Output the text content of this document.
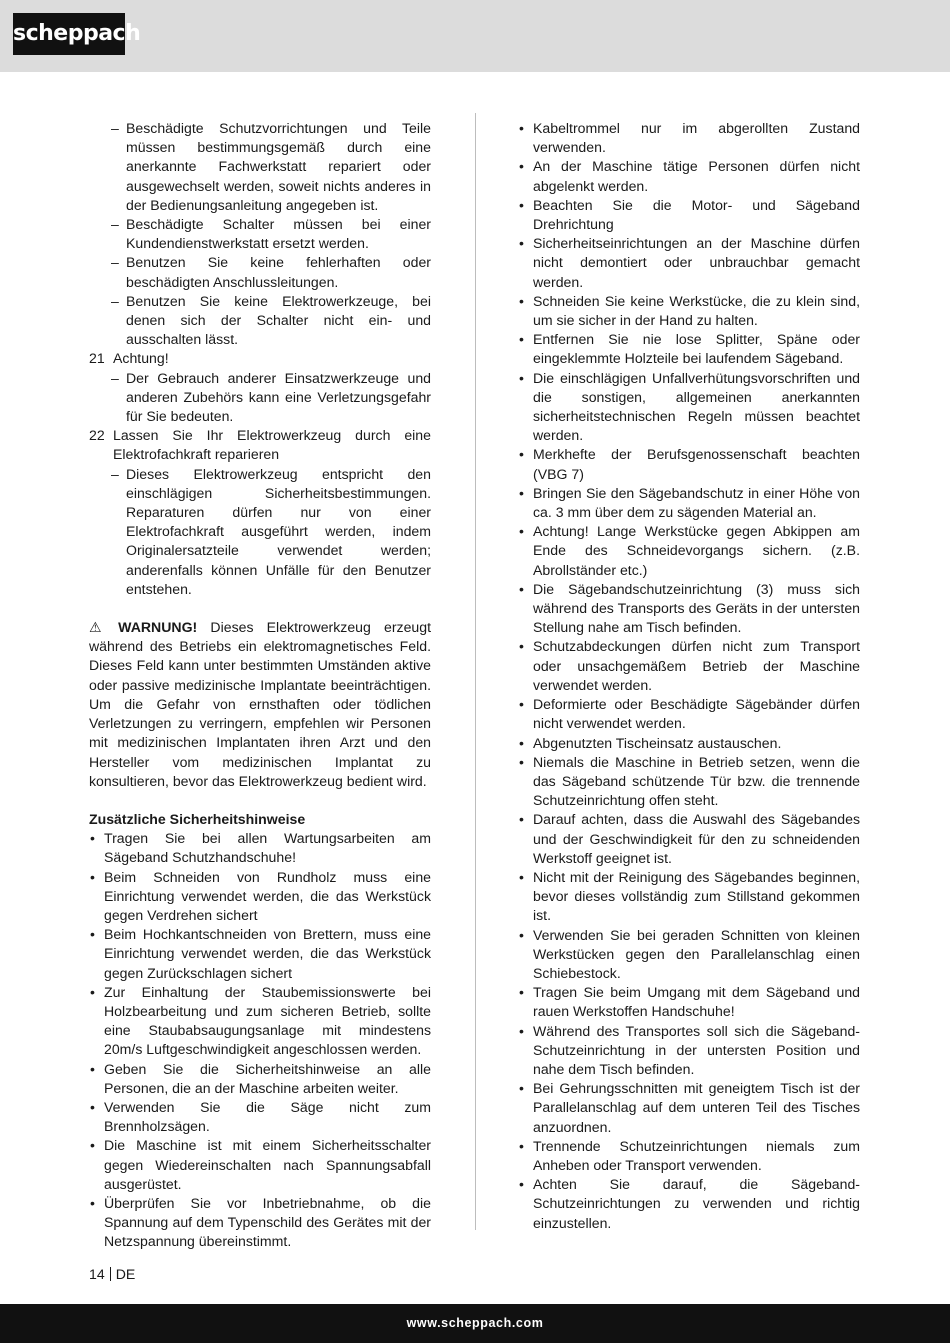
scheppach
– Beschädigte Schutzvorrichtungen und Teile müssen bestimmungsgemäß durch eine anerkannte Fachwerkstatt repariert oder ausgewechselt werden, soweit nichts anderes in der Bedienungsanleitung angegeben ist.
– Beschädigte Schalter müssen bei einer Kundendienstwerkstatt ersetzt werden.
– Benutzen Sie keine fehlerhaften oder beschädigten Anschlussleitungen.
– Benutzen Sie keine Elektrowerkzeuge, bei denen sich der Schalter nicht ein- und ausschalten lässt.
21 Achtung!
– Der Gebrauch anderer Einsatzwerkzeuge und anderen Zubehörs kann eine Verletzungsgefahr für Sie bedeuten.
22 Lassen Sie Ihr Elektrowerkzeug durch eine Elektrofachkraft reparieren
– Dieses Elektrowerkzeug entspricht den einschlägigen Sicherheitsbestimmungen. Reparaturen dürfen nur von einer Elektrofachkraft ausgeführt werden, indem Originalersatzteile verwendet werden; anderenfalls können Unfälle für den Benutzer entstehen.
⚠ WARNUNG! Dieses Elektrowerkzeug erzeugt während des Betriebs ein elektromagnetisches Feld. Dieses Feld kann unter bestimmten Umständen aktive oder passive medizinische Implantate beeinträchtigen. Um die Gefahr von ernsthaften oder tödlichen Verletzungen zu verringern, empfehlen wir Personen mit medizinischen Implantaten ihren Arzt und den Hersteller vom medizinischen Implantat zu konsultieren, bevor das Elektrowerkzeug bedient wird.
Zusätzliche Sicherheitshinweise
• Tragen Sie bei allen Wartungsarbeiten am Sägeband Schutzhandschuhe!
• Beim Schneiden von Rundholz muss eine Einrichtung verwendet werden, die das Werkstück gegen Verdrehen sichert
• Beim Hochkantschneiden von Brettern, muss eine Einrichtung verwendet werden, die das Werkstück gegen Zurückschlagen sichert
• Zur Einhaltung der Staubemissionswerte bei Holzbearbeitung und zum sicheren Betrieb, sollte eine Staubabsaugungsanlage mit mindestens 20m/s Luftgeschwindigkeit angeschlossen werden.
• Geben Sie die Sicherheitshinweise an alle Personen, die an der Maschine arbeiten weiter.
• Verwenden Sie die Säge nicht zum Brennholzsägen.
• Die Maschine ist mit einem Sicherheitsschalter gegen Wiedereinschalten nach Spannungsabfall ausgerüstet.
• Überprüfen Sie vor Inbetriebnahme, ob die Spannung auf dem Typenschild des Gerätes mit der Netzspannung übereinstimmt.
• Kabeltrommel nur im abgerollten Zustand verwenden.
• An der Maschine tätige Personen dürfen nicht abgelenkt werden.
• Beachten Sie die Motor- und Sägeband Drehrichtung
• Sicherheitseinrichtungen an der Maschine dürfen nicht demontiert oder unbrauchbar gemacht werden.
• Schneiden Sie keine Werkstücke, die zu klein sind, um sie sicher in der Hand zu halten.
• Entfernen Sie nie lose Splitter, Späne oder eingeklemmte Holzteile bei laufendem Sägeband.
• Die einschlägigen Unfallverhütungsvorschriften und die sonstigen, allgemeinen anerkannten sicherheitstechnischen Regeln müssen beachtet werden.
• Merkhefte der Berufsgenossenschaft beachten (VBG 7)
• Bringen Sie den Sägebandschutz in einer Höhe von ca. 3 mm über dem zu sägenden Material an.
• Achtung! Lange Werkstücke gegen Abkippen am Ende des Schneidevorgangs sichern. (z.B. Abrollständer etc.)
• Die Sägebandschutzeinrichtung (3) muss sich während des Transports des Geräts in der untersten Stellung nahe am Tisch befinden.
• Schutzabdeckungen dürfen nicht zum Transport oder unsachgemäßem Betrieb der Maschine verwendet werden.
• Deformierte oder Beschädigte Sägebänder dürfen nicht verwendet werden.
• Abgenutzten Tischeinsatz austauschen.
• Niemals die Maschine in Betrieb setzen, wenn die das Sägeband schützende Tür bzw. die trennende Schutzeinrichtung offen steht.
• Darauf achten, dass die Auswahl des Sägebandes und der Geschwindigkeit für den zu schneidenden Werkstoff geeignet ist.
• Nicht mit der Reinigung des Sägebandes beginnen, bevor dieses vollständig zum Stillstand gekommen ist.
• Verwenden Sie bei geraden Schnitten von kleinen Werkstücken gegen den Parallelanschlag einen Schiebestock.
• Tragen Sie beim Umgang mit dem Sägeband und rauen Werkstoffen Handschuhe!
• Während des Transportes soll sich die Sägeband-Schutzeinrichtung in der untersten Position und nahe dem Tisch befinden.
• Bei Gehrungsschnitten mit geneigtem Tisch ist der Parallelanschlag auf dem unteren Teil des Tisches anzuordnen.
• Trennende Schutzeinrichtungen niemals zum Anheben oder Transport verwenden.
• Achten Sie darauf, die Sägeband- Schutzeinrichtungen zu verwenden und richtig einzustellen.
14 DE
www.scheppach.com
